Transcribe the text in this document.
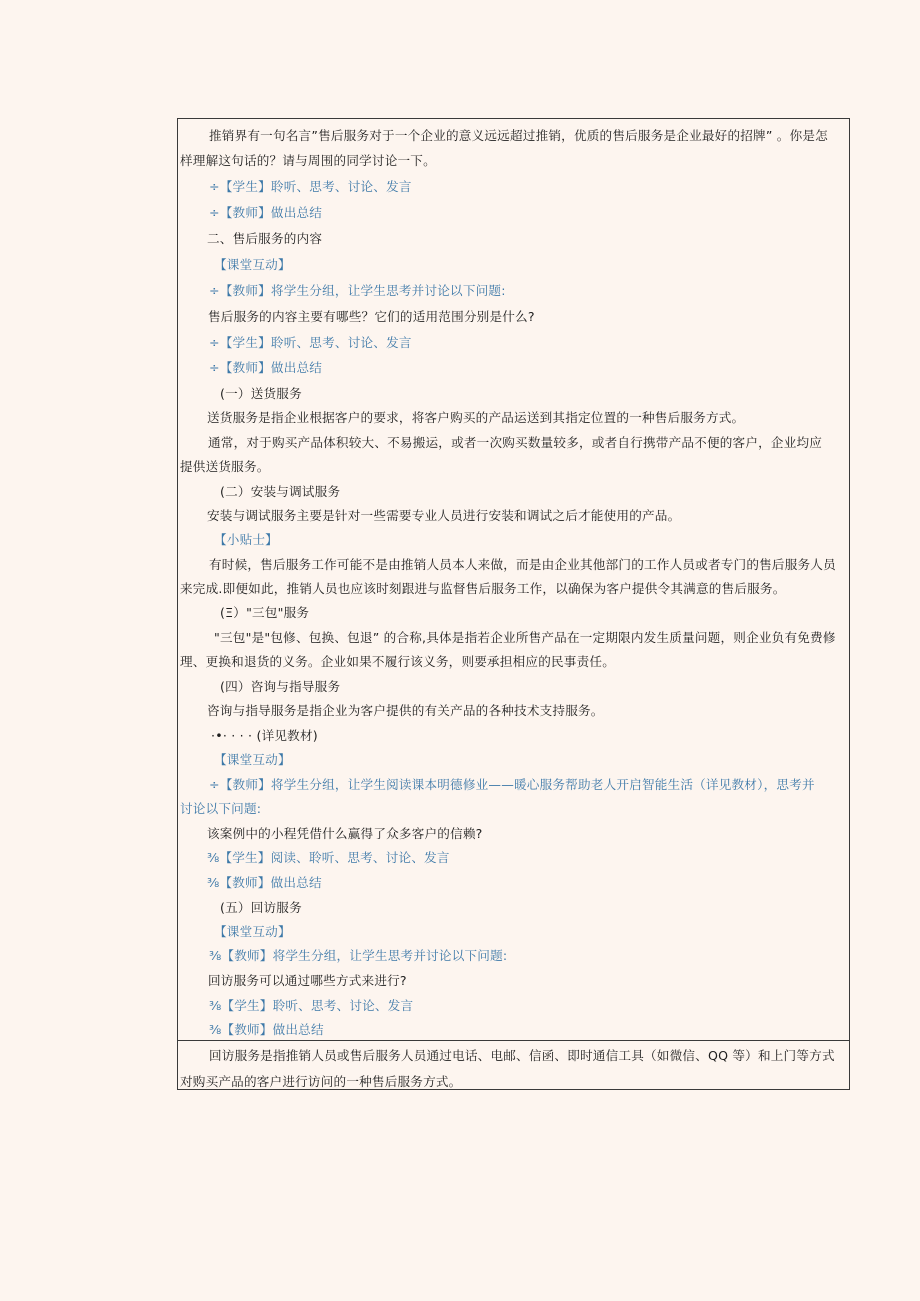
推销界有一句名言”售后服务对于一个企业的意义远远超过推销，优质的售后服务是企业最好的招牌” 。你是怎
样理解这句话的？请与周围的同学讨论一下。
÷【学生】聆听、思考、讨论、发言
÷【教师】做出总结
二、售后服务的内容
【课堂互动】
÷【教师】将学生分组，让学生思考并讨论以下问题:
售后服务的内容主要有哪些？它们的适用范围分别是什么?
÷【学生】聆听、思考、讨论、发言
÷【教师】做出总结
(一）送货服务
送货服务是指企业根据客户的要求，将客户购买的产品运送到其指定位置的一种售后服务方式。
通常，对于购买产品体积较大、不易搬运，或者一次购买数量较多，或者自行携带产品不便的客户，企业均应
提供送货服务。
(二）安装与调试服务
安装与调试服务主要是针对一些需要专业人员进行安装和调试之后才能使用的产品。
【小贴士】
有时候，售后服务工作可能不是由推销人员本人来做，而是由企业其他部门的工作人员或者专门的售后服务人员
来完成.即便如此，推销人员也应该时刻跟进与监督售后服务工作，以确保为客户提供令其满意的售后服务。
(Ξ）"三包"服务
"三包"是"包修、包换、包退” 的合称,具体是指若企业所售产品在一定期限内发生质量问题，则企业负有免费修
理、更换和退货的义务。企业如果不履行该义务，则要承担相应的民事责任。
(四）咨询与指导服务
咨询与指导服务是指企业为客户提供的有关产品的各种技术支持服务。
·•· · · · (详见教材)
【课堂互动】
÷【教师】将学生分组，让学生阅读课本明德修业——暖心服务帮助老人开启智能生活（详见教材），思考并
讨论以下问题:
该案例中的小程凭借什么赢得了众多客户的信赖?
⅜【学生】阅读、聆听、思考、讨论、发言
⅜【教师】做出总结
(五）回访服务
【课堂互动】
⅜【教师】将学生分组，让学生思考并讨论以下问题:
回访服务可以通过哪些方式来进行?
⅜【学生】聆听、思考、讨论、发言
⅜【教师】做出总结
回访服务是指推销人员或售后服务人员通过电话、电邮、信函、即时通信工具（如微信、QQ 等）和上门等方式
对购买产品的客户进行访问的一种售后服务方式。
